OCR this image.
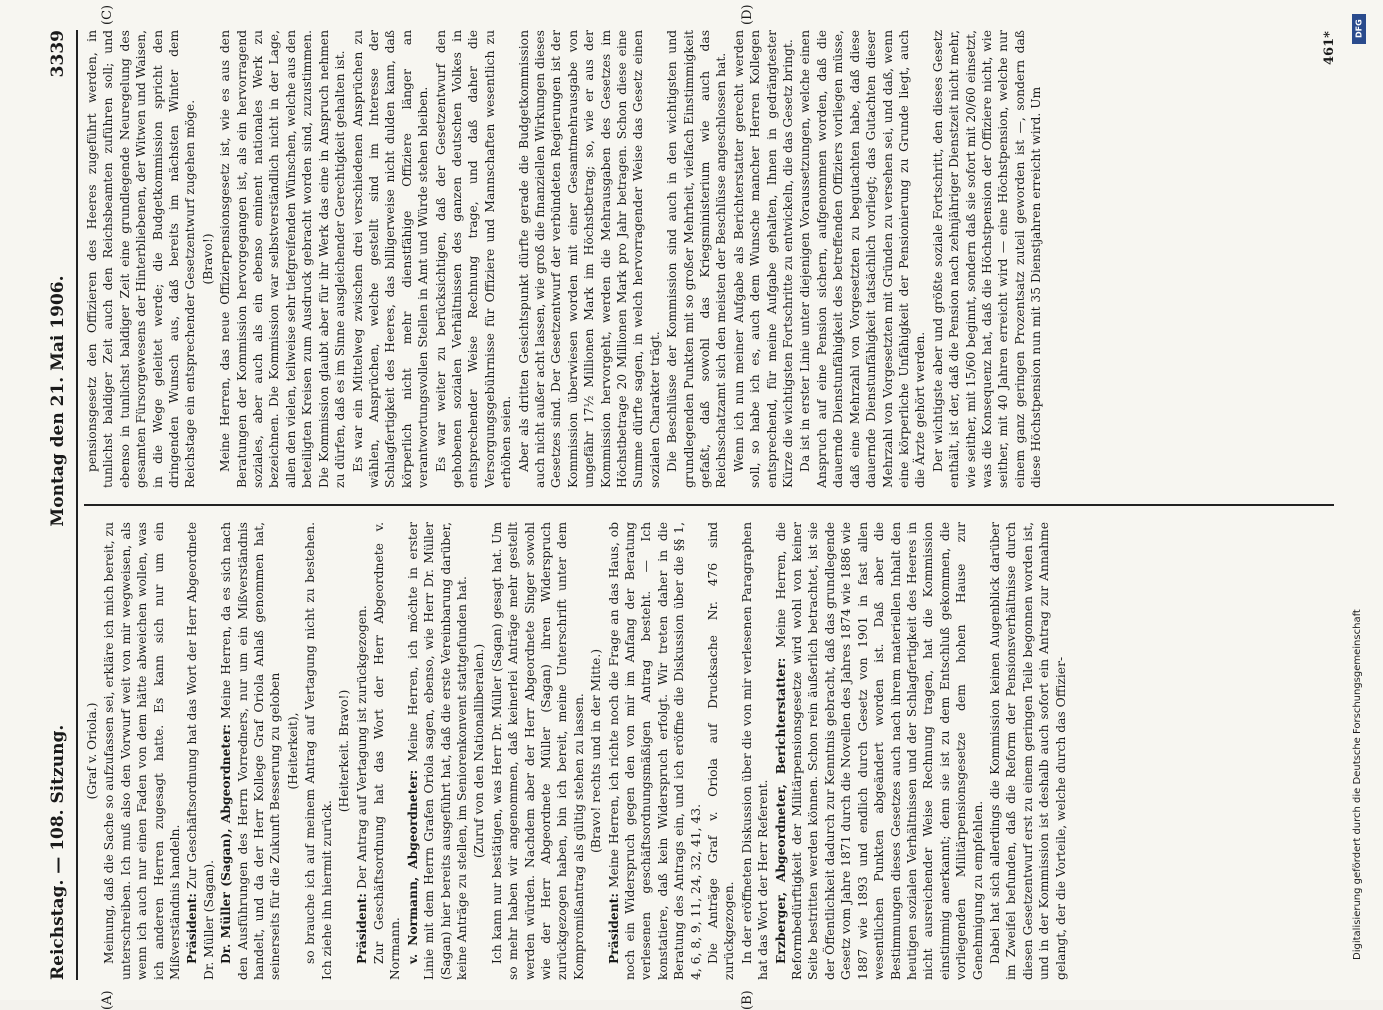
Reichstag. — 108. Sitzung.
Montag den 21. Mai 1906.
3339

(Graf v. Oriola.) Meinung, daß die Sache so aufzufassen sei, erkläre ich mich bereit, zu unterschreiben. Ich muß also den Vorwurf weit von mir wegweisen, als wenn ich auch nur einen Faden von dem hätte abweichen wollen, was ich anderen Herren zugesagt hatte. Es kann sich nur um ein Mißverständnis handeln. Präsident: Zur Geschäftsordnung hat das Wort der Herr Abgeordnete Dr. Müller (Sagan). Dr. Müller (Sagan), Abgeordneter: Meine Herren, da es sich nach den Ausführungen des Herrn Vorredners, nur um ein Mißverständnis handelt, und da der Herr Kollege Graf Oriola Anlaß genommen hat, seinerseits für die Zukunft Besserung zu geloben (Heiterkeit), so brauche ich auf meinem Antrag auf Vertagung nicht zu bestehen. Ich ziehe ihn hiermit zurück.

(Heiterkeit. Bravo!)

Präsident: Der Antrag auf Vertagung ist zurückgezogen. Zur Geschäftsordnung hat das Wort der Herr Abgeordnete v. Normann. v. Normann, Abgeordneter: Meine Herren, ich möchte in erster Linie mit dem Herrn Grafen Oriola sagen, ebenso, wie Herr Dr. Müller (Sagan) hier bereits ausgeführt hat, daß die erste Vereinbarung darüber, keine Anträge zu stellen, im Seniorenkonvent stattgefunden hat. (Zuruf von den Nationalliberalen.) Ich kann nur bestätigen, was Herr Dr. Müller (Sagan) gesagt hat. Um so mehr haben wir angenommen, daß keinerlei Anträge mehr gestellt werden würden. Nachdem aber der Herr Abgeordnete Singer sowohl wie der Herr Abgeordnete Müller (Sagan) ihren Widerspruch zurückgezogen haben, bin ich bereit, meine Unterschrift unter dem Kompromißantrag als gültig stehen zu lassen. (Bravo! rechts und in der Mitte.)

Präsident: Meine Herren, ich richte noch die Frage an das Haus, ob noch ein Widerspruch gegen den von mir im Anfang der Beratung verlesenen geschäftsordnungsmäßigen Antrag besteht. — Ich konstatiere, daß kein Widerspruch erfolgt. Wir treten daher in die Beratung des Antrags ein, und ich eröffne die Diskussion über die §§ 1, 4, 6, 8, 9, 11, 24, 32, 41, 43. Die Anträge Graf v. Oriola auf Drucksache Nr. 476 sind zurückgezogen. In der eröffneten Diskussion über die von mir verlesenen Paragraphen hat das Wort der Herr Referent. Erzberger, Abgeordneter, Berichterstatter: Meine Herren, die Reformbedürftigkeit der Militärpensionsgesetze wird wohl von keiner Seite bestritten werden können. Schon rein äußerlich betrachtet, ist sie der Öffentlichkeit dadurch zur Kenntnis gebracht, daß das grundlegende Gesetz vom Jahre 1871 durch die Novellen des Jahres 1874 wie 1886 wie 1887 wie 1893 und endlich durch Gesetz von 1901 in fast allen wesentlichen Punkten abgeändert worden ist. Daß aber die Bestimmungen dieses Gesetzes auch nach ihrem materiellen Inhalt den heutigen sozialen Verhältnissen und der Schlagfertigkeit des Heeres in nicht ausreichender Weise Rechnung tragen, hat die Kommission einstimmig anerkannt; denn sie ist zu dem Entschluß gekommen, die vorliegenden Militärpensionsgesetze dem hohen Hause zur Genehmigung zu empfehlen. Dabei hat sich allerdings die Kommission keinen Augenblick darüber im Zweifel befunden, daß die Reform der Pensionsverhältnisse durch diesen Gesetzentwurf erst zu einem geringen Teile begonnen worden ist, und in der Kommission ist deshalb auch sofort ein Antrag zur Annahme gelangt, der die Vorteile, welche durch das Offizier-

pensionsgesetz den Offizieren des Heeres zugeführt werden, in tunlichst baldiger Zeit auch den Reichsbeamten zuführen soll; und ebenso in tunlichst baldiger Zeit eine grundlegende Neuregelung des gesamten Fürsorgewesens der Hinterbliebenen, der Witwen und Waisen, in die Wege geleitet werde; die Budgetkommission spricht den dringenden Wunsch aus, daß bereits im nächsten Winter dem Reichstage ein entsprechender Gesetzentwurf zugehen möge. (Bravo!) Meine Herren, das neue Offizierpensionsgesetz ist, wie es aus den Beratungen der Kommission hervorgegangen ist, als ein hervorragend soziales, aber auch als ein ebenso eminent nationales Werk zu bezeichnen. Die Kommission war selbstverständlich nicht in der Lage, allen den vielen, teilweise sehr tiefgreifenden Wünschen, welche aus den beteiligten Kreisen zum Ausdruck gebracht worden sind, zuzustimmen. Die Kommission glaubt aber für ihr Werk das eine in Anspruch nehmen zu dürfen, daß es im Sinne ausgleichender Gerechtigkeit gehalten ist. Es war ein Mittelweg zwischen drei verschiedenen Ansprüchen zu wählen, Ansprüchen, welche gestellt sind im Interesse der Schlagfertigkeit des Heeres, das billigerweise nicht dulden kann, daß körperlich nicht mehr dienstfähige Offiziere länger an verantwortungsvollen Stellen in Amt und Würde stehen bleiben. Es war weiter zu berücksichtigen, daß der Gesetzentwurf den gehobenen sozialen Verhältnissen des ganzen deutschen Volkes in entsprechender Weise Rechnung trage, und daß daher die Versorgungsgebührnisse für Offiziere und Mannschaften wesentlich zu erhöhen seien. Aber als dritten Gesichtspunkt dürfte gerade die Budgetkommission auch nicht außer acht lassen, wie groß die finanziellen Wirkungen dieses Gesetzes sind. Der Gesetzentwurf der verbündeten Regierungen ist der Kommission überwiesen worden mit einer Gesamtmehrausgabe von ungefähr 17½ Millionen Mark im Höchstbetrag; so, wie er aus der Kommission hervorgeht, werden die Mehrausgaben des Gesetzes im Höchstbetrage 20 Millionen Mark pro Jahr betragen. Schon diese eine Summe dürfte sagen, in welch hervorragender Weise das Gesetz einen sozialen Charakter trägt. Die Beschlüsse der Kommission sind auch in den wichtigsten und grundlegenden Punkten mit so großer Mehrheit, vielfach Einstimmigkeit gefaßt, daß sowohl das Kriegsministerium wie auch das Reichsschatzamt sich den meisten der Beschlüsse angeschlossen hat. Wenn ich nun meiner Aufgabe als Berichterstatter gerecht werden soll, so habe ich es, auch dem Wunsche mancher Herren Kollegen entsprechend, für meine Aufgabe gehalten, Ihnen in gedrängtester Kürze die wichtigsten Fortschritte zu entwickeln, die das Gesetz bringt. Da ist in erster Linie unter diejenigen Voraussetzungen, welche einen Anspruch auf eine Pension sichern, aufgenommen worden, daß die dauernde Dienstunfähigkeit des betreffenden Offiziers vorliegen müsse, daß eine Mehrzahl von Vorgesetzten zu begutachten habe, daß diese dauernde Dienstunfähigkeit tatsächlich vorliegt; das Gutachten dieser Mehrzahl von Vorgesetzten mit Gründen zu versehen sei, und daß, wenn eine körperliche Unfähigkeit der Pensionierung zu Grunde liegt, auch die Ärzte gehört werden. Der wichtigste aber und größte soziale Fortschritt, den dieses Gesetz enthält, ist der, daß die Pension nach zehnjähriger Dienstzeit nicht mehr, wie seither, mit 15/60 beginnt, sondern daß sie sofort mit 20/60 einsetzt, was die Konsequenz hat, daß die Höchstpension der Offiziere nicht, wie seither, mit 40 Jahren erreicht wird — eine Höchstpension, welche nur einem ganz geringen Prozentsatz zuteil geworden ist —, sondern daß diese Höchstpension nun mit 35 Dienstjahren erreicht wird. Um

(A)	(B)
(C)	(D)
461*
DFG
Digitalisierung gefördert durch die Deutsche Forschungsgemeinschaft
